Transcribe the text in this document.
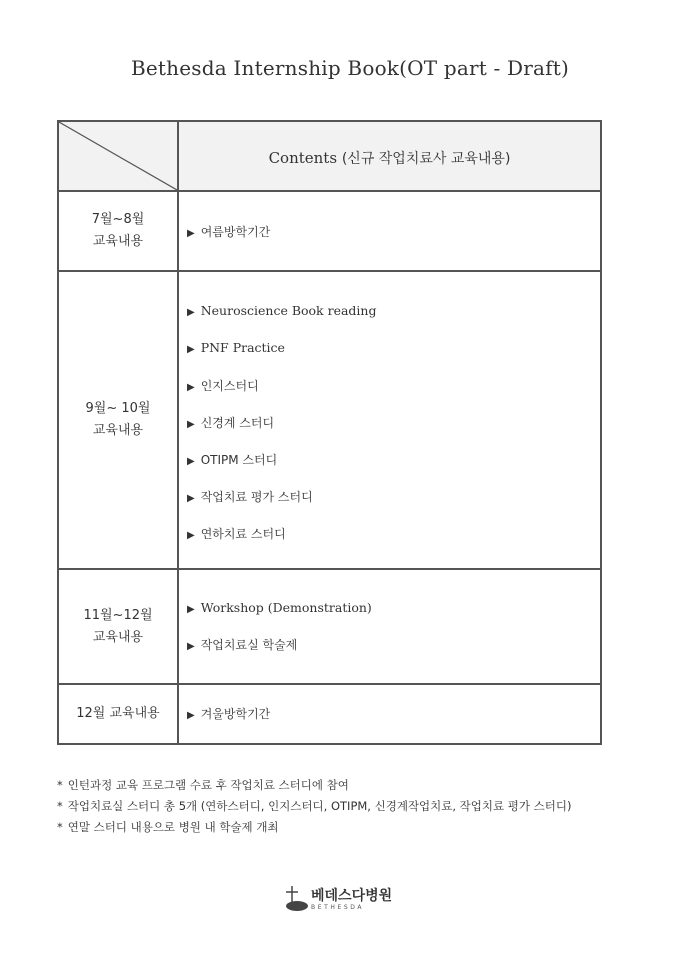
Bethesda Internship Book(OT part - Draft)
Contents (신규 작업치료사 교육내용)
7월~8월
교육내용
▶ 여름방학기간
9월~ 10월
교육내용
▶ Neuroscience Book reading
▶ PNF Practice
▶ 인지스터디
▶ 신경계 스터디
▶ OTIPM 스터디
▶ 작업치료 평가 스터디
▶ 연하치료 스터디
11월~12월
교육내용
▶ Workshop (Demonstration)
▶ 작업치료실 학술제
12월 교육내용	▶ 겨울방학기간
* 인턴과정 교육 프로그램 수료 후 작업치료 스터디에 참여
* 작업치료실 스터디 총 5개 (연하스터디, 인지스터디, OTIPM, 신경계작업치료, 작업치료 평가 스터디)
* 연말 스터디 내용으로 병원 내 학술제 개최
베데스다병원
BETHESDA
